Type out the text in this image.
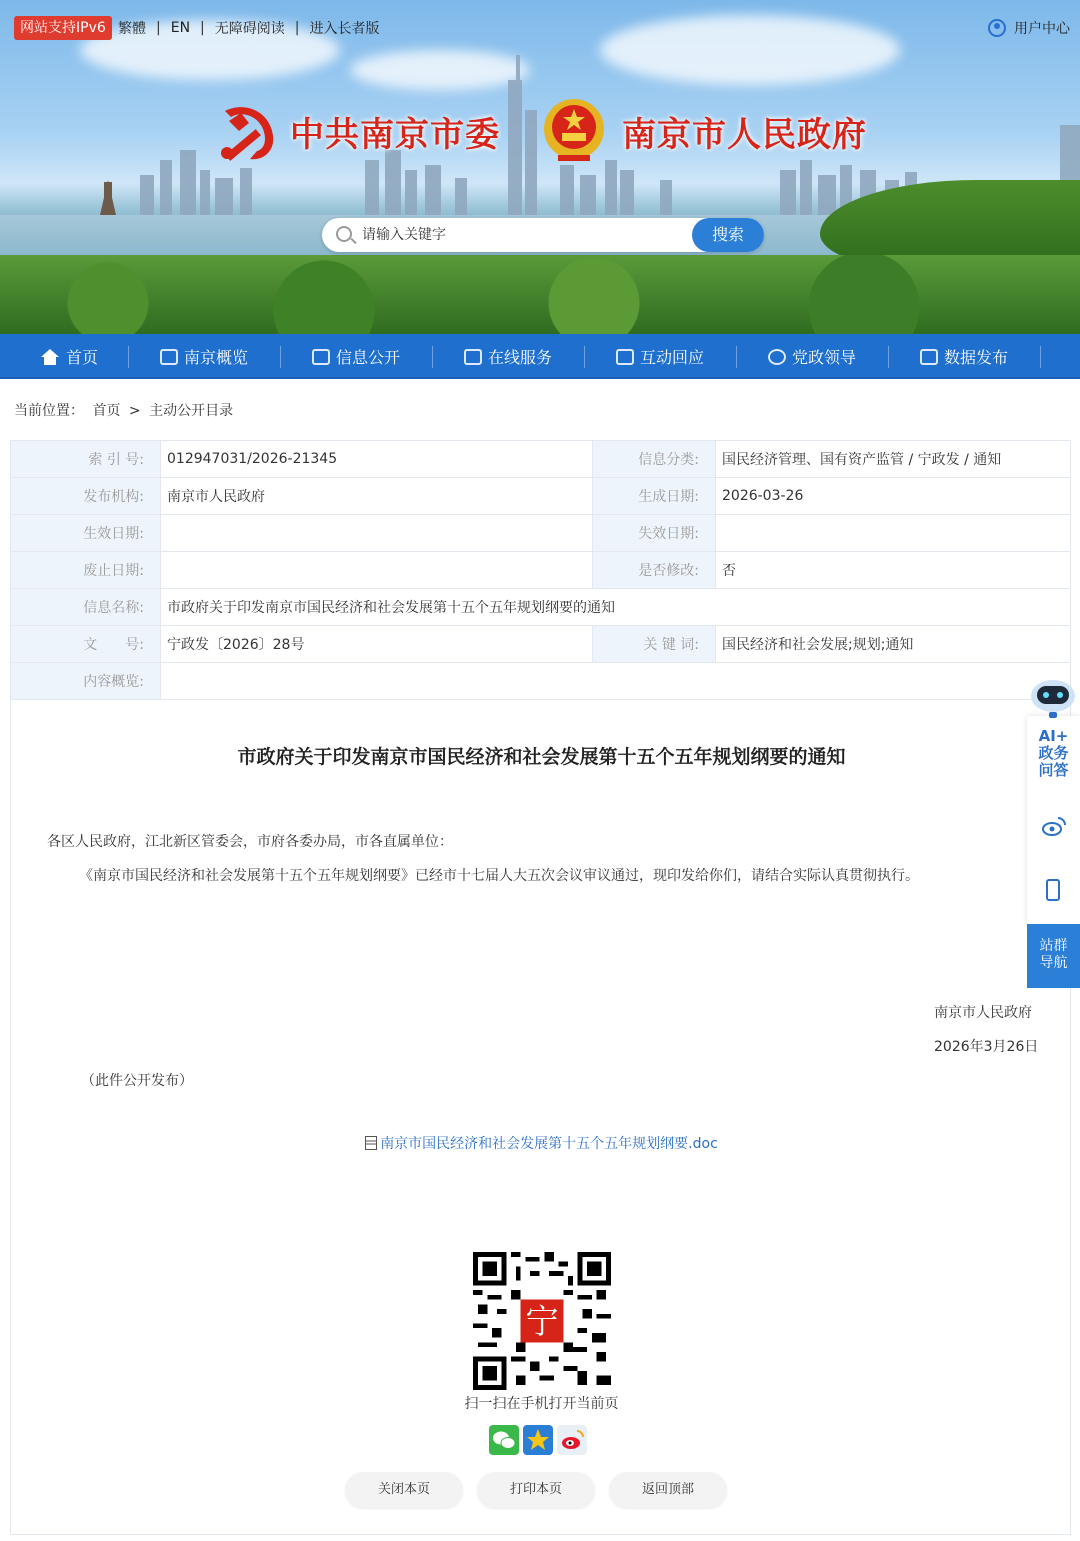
网站支持IPv6 繁體 | EN | 无障碍阅读 | 进入长者版	用户中心
中共南京市委	南京市人民政府
请输入关键字
搜索
首页	南京概览	信息公开	在线服务	互动回应	党政领导	数据发布
当前位置： 首页 > 主动公开目录
索 引 号:	012947031/2026-21345	信息分类:	国民经济管理、国有资产监管 / 宁政发 / 通知
发布机构:	南京市人民政府	生成日期:	2026-03-26
生效日期:		失效日期:	
废止日期:		是否修改:	否
信息名称:	市政府关于印发南京市国民经济和社会发展第十五个五年规划纲要的通知		
文　　号:	宁政发〔2026〕28号	关 键 词:	国民经济和社会发展;规划;通知
内容概览:			
市政府关于印发南京市国民经济和社会发展第十五个五年规划纲要的通知
各区人民政府，江北新区管委会，市府各委办局，市各直属单位：
《南京市国民经济和社会发展第十五个五年规划纲要》已经市十七届人大五次会议审议通过，现印发给你们，请结合实际认真贯彻执行。
南京市人民政府
2026年3月26日
（此件公开发布）
南京市国民经济和社会发展第十五个五年规划纲要.doc
宁
扫一扫在手机打开当前页
关闭本页	打印本页	返回顶部
AI+
政务
问答
站群
导航
